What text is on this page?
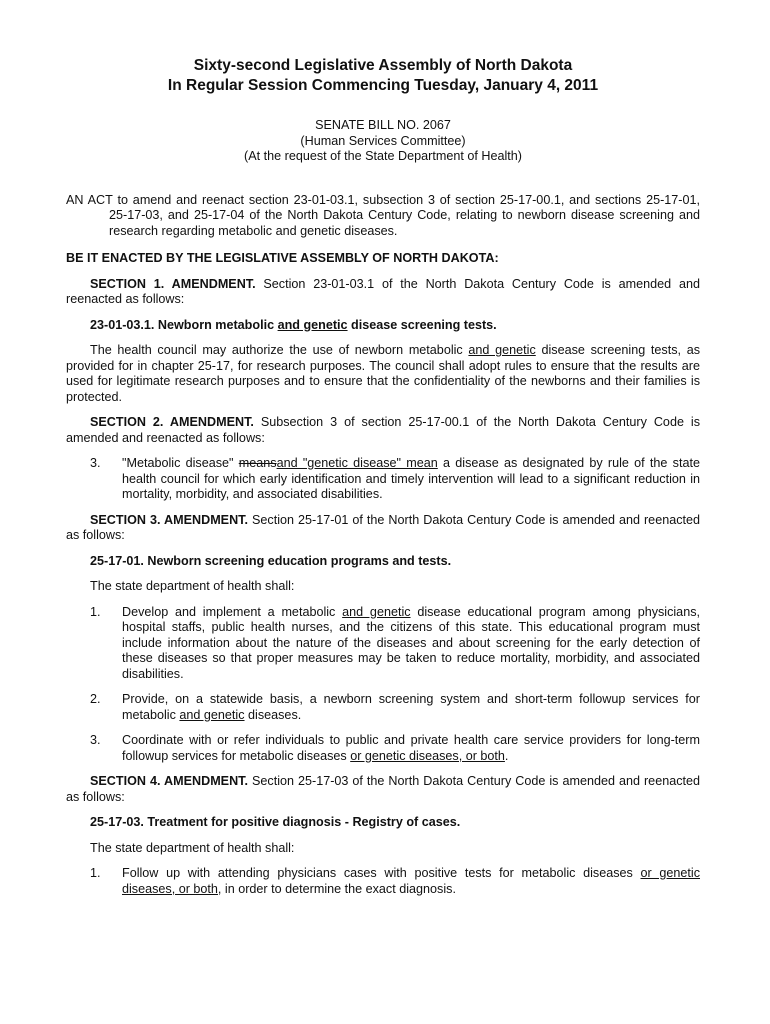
Sixty-second Legislative Assembly of North Dakota
In Regular Session Commencing Tuesday, January 4, 2011
SENATE BILL NO. 2067
(Human Services Committee)
(At the request of the State Department of Health)

AN ACT to amend and reenact section 23-01-03.1, subsection 3 of section 25-17-00.1, and sections 25-17-01, 25-17-03, and 25-17-04 of the North Dakota Century Code, relating to newborn disease screening and research regarding metabolic and genetic diseases.

BE IT ENACTED BY THE LEGISLATIVE ASSEMBLY OF NORTH DAKOTA:

SECTION 1. AMENDMENT. Section 23-01-03.1 of the North Dakota Century Code is amended and reenacted as follows:

23-01-03.1. Newborn metabolic and genetic disease screening tests.

The health council may authorize the use of newborn metabolic and genetic disease screening tests, as provided for in chapter 25-17, for research purposes. The council shall adopt rules to ensure that the results are used for legitimate research purposes and to ensure that the confidentiality of the newborns and their families is protected.

SECTION 2. AMENDMENT. Subsection 3 of section 25-17-00.1 of the North Dakota Century Code is amended and reenacted as follows:

3.	"Metabolic disease" meansand "genetic disease" mean a disease as designated by rule of the state health council for which early identification and timely intervention will lead to a significant reduction in mortality, morbidity, and associated disabilities.

SECTION 3. AMENDMENT. Section 25-17-01 of the North Dakota Century Code is amended and reenacted as follows:

25-17-01. Newborn screening education programs and tests.

The state department of health shall:

1.	Develop and implement a metabolic and genetic disease educational program among physicians, hospital staffs, public health nurses, and the citizens of this state. This educational program must include information about the nature of the diseases and about screening for the early detection of these diseases so that proper measures may be taken to reduce mortality, morbidity, and associated disabilities.
2.	Provide, on a statewide basis, a newborn screening system and short-term followup services for metabolic and genetic diseases.
3.	Coordinate with or refer individuals to public and private health care service providers for long-term followup services for metabolic diseases or genetic diseases, or both.

SECTION 4. AMENDMENT. Section 25-17-03 of the North Dakota Century Code is amended and reenacted as follows:

25-17-03. Treatment for positive diagnosis - Registry of cases.

The state department of health shall:

1.	Follow up with attending physicians cases with positive tests for metabolic diseases or genetic diseases, or both, in order to determine the exact diagnosis.
